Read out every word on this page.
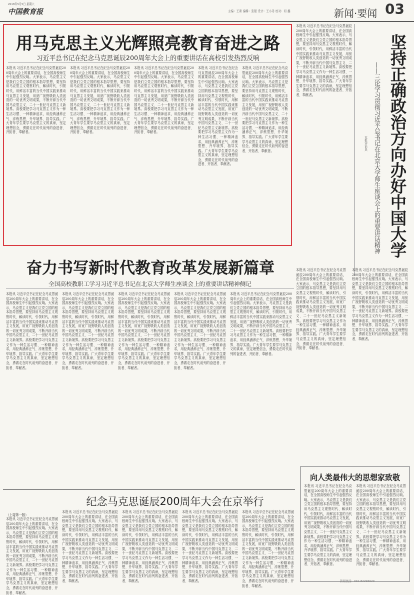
中国教育报
2018年5月5日 星期六
主编：王新 编辑：张强 设计：王小丹 校对：何 鑫	新闻·要闻 03
用马克思主义光辉照亮教育奋进之路
习近平总书记在纪念马克思诞辰200周年大会上的重要讲话在高校引发热烈反响
本报讯 习近平总书记在纪念马克思诞辰200周年大会上的重要讲话，在全国高校师生中引起强烈反响。大家表示，马克思主义是我们立党立国的根本指导思想，要坚持用马克思主义观察时代、解读时代、引领时代，用鲜活丰富的当代中国实践来推动马克思主义发展，用宽广视野吸收人类创造的一切优秀文明成果，不断开辟当代中国马克思主义、二十一世纪马克思主义新境界。高校要把学习马克思主义作为一种生活习惯、一种精神追求，用经典涵养正气、淬炼思想、升华境界、指导实践。广大青年学生要学马克思主义的真谛，坚定理想信念，勇做走在时代前列的奋进者、开拓者、奉献者。
本报讯 习近平总书记在纪念马克思诞辰200周年大会上的重要讲话，在全国高校师生中引起强烈反响。大家表示，马克思主义是我们立党立国的根本指导思想，要坚持用马克思主义观察时代、解读时代、引领时代，用鲜活丰富的当代中国实践来推动马克思主义发展，用宽广视野吸收人类创造的一切优秀文明成果，不断开辟当代中国马克思主义、二十一世纪马克思主义新境界。高校要把学习马克思主义作为一种生活习惯、一种精神追求，用经典涵养正气、淬炼思想、升华境界、指导实践。广大青年学生要学马克思主义的真谛，坚定理想信念，勇做走在时代前列的奋进者、开拓者、奉献者。
本报讯 习近平总书记在纪念马克思诞辰200周年大会上的重要讲话，在全国高校师生中引起强烈反响。大家表示，马克思主义是我们立党立国的根本指导思想，要坚持用马克思主义观察时代、解读时代、引领时代，用鲜活丰富的当代中国实践来推动马克思主义发展，用宽广视野吸收人类创造的一切优秀文明成果，不断开辟当代中国马克思主义、二十一世纪马克思主义新境界。高校要把学习马克思主义作为一种生活习惯、一种精神追求，用经典涵养正气、淬炼思想、升华境界、指导实践。广大青年学生要学马克思主义的真谛，坚定理想信念，勇做走在时代前列的奋进者、开拓者、奉献者。
本报讯 习近平总书记在纪念马克思诞辰200周年大会上的重要讲话，在全国高校师生中引起强烈反响。大家表示，马克思主义是我们立党立国的根本指导思想，要坚持用马克思主义观察时代、解读时代、引领时代，用鲜活丰富的当代中国实践来推动马克思主义发展，用宽广视野吸收人类创造的一切优秀文明成果，不断开辟当代中国马克思主义、二十一世纪马克思主义新境界。高校要把学习马克思主义作为一种生活习惯、一种精神追求，用经典涵养正气、淬炼思想、升华境界、指导实践。广大青年学生要学马克思主义的真谛，坚定理想信念，勇做走在时代前列的奋进者、开拓者、奉献者。
本报讯 习近平总书记在纪念马克思诞辰200周年大会上的重要讲话，在全国高校师生中引起强烈反响。大家表示，马克思主义是我们立党立国的根本指导思想，要坚持用马克思主义观察时代、解读时代、引领时代，用鲜活丰富的当代中国实践来推动马克思主义发展，用宽广视野吸收人类创造的一切优秀文明成果，不断开辟当代中国马克思主义、二十一世纪马克思主义新境界。高校要把学习马克思主义作为一种生活习惯、一种精神追求，用经典涵养正气、淬炼思想、升华境界、指导实践。广大青年学生要学马克思主义的真谛，坚定理想信念，勇做走在时代前列的奋进者、开拓者、奉献者。
本报讯 习近平总书记在纪念马克思诞辰200周年大会上的重要讲话，在全国高校师生中引起强烈反响。大家表示，马克思主义是我们立党立国的根本指导思想，要坚持用马克思主义观察时代、解读时代、引领时代，用鲜活丰富的当代中国实践来推动马克思主义发展，用宽广视野吸收人类创造的一切优秀文明成果，不断开辟当代中国马克思主义、二十一世纪马克思主义新境界。高校要把学习马克思主义作为一种生活习惯、一种精神追求，用经典涵养正气、淬炼思想、升华境界、指导实践。广大青年学生要学马克思主义的真谛，坚定理想信念，勇做走在时代前列的奋进者、开拓者、奉献者。	坚持正确政治方向办好中国大学
——三论学习贯彻习近平总书记在北京大学师生座谈会上的重要讲话精神
本报评论员
奋力书写新时代教育改革发展新篇章
全国高校教职工学习习近平总书记在北京大学师生座谈会上的重要讲话精神侧记
本报讯 习近平总书记在纪念马克思诞辰200周年大会上的重要讲话，在全国高校师生中引起强烈反响。大家表示，马克思主义是我们立党立国的根本指导思想，要坚持用马克思主义观察时代、解读时代、引领时代，用鲜活丰富的当代中国实践来推动马克思主义发展，用宽广视野吸收人类创造的一切优秀文明成果，不断开辟当代中国马克思主义、二十一世纪马克思主义新境界。高校要把学习马克思主义作为一种生活习惯、一种精神追求，用经典涵养正气、淬炼思想、升华境界、指导实践。广大青年学生要学马克思主义的真谛，坚定理想信念，勇做走在时代前列的奋进者、开拓者、奉献者。
本报讯 习近平总书记在纪念马克思诞辰200周年大会上的重要讲话，在全国高校师生中引起强烈反响。大家表示，马克思主义是我们立党立国的根本指导思想，要坚持用马克思主义观察时代、解读时代、引领时代，用鲜活丰富的当代中国实践来推动马克思主义发展，用宽广视野吸收人类创造的一切优秀文明成果，不断开辟当代中国马克思主义、二十一世纪马克思主义新境界。高校要把学习马克思主义作为一种生活习惯、一种精神追求，用经典涵养正气、淬炼思想、升华境界、指导实践。广大青年学生要学马克思主义的真谛，坚定理想信念，勇做走在时代前列的奋进者、开拓者、奉献者。
本报讯 习近平总书记在纪念马克思诞辰200周年大会上的重要讲话，在全国高校师生中引起强烈反响。大家表示，马克思主义是我们立党立国的根本指导思想，要坚持用马克思主义观察时代、解读时代、引领时代，用鲜活丰富的当代中国实践来推动马克思主义发展，用宽广视野吸收人类创造的一切优秀文明成果，不断开辟当代中国马克思主义、二十一世纪马克思主义新境界。高校要把学习马克思主义作为一种生活习惯、一种精神追求，用经典涵养正气、淬炼思想、升华境界、指导实践。广大青年学生要学马克思主义的真谛，坚定理想信念，勇做走在时代前列的奋进者、开拓者、奉献者。
本报讯 习近平总书记在纪念马克思诞辰200周年大会上的重要讲话，在全国高校师生中引起强烈反响。大家表示，马克思主义是我们立党立国的根本指导思想，要坚持用马克思主义观察时代、解读时代、引领时代，用鲜活丰富的当代中国实践来推动马克思主义发展，用宽广视野吸收人类创造的一切优秀文明成果，不断开辟当代中国马克思主义、二十一世纪马克思主义新境界。高校要把学习马克思主义作为一种生活习惯、一种精神追求，用经典涵养正气、淬炼思想、升华境界、指导实践。广大青年学生要学马克思主义的真谛，坚定理想信念，勇做走在时代前列的奋进者、开拓者、奉献者。
本报讯 习近平总书记在纪念马克思诞辰200周年大会上的重要讲话，在全国高校师生中引起强烈反响。大家表示，马克思主义是我们立党立国的根本指导思想，要坚持用马克思主义观察时代、解读时代、引领时代，用鲜活丰富的当代中国实践来推动马克思主义发展，用宽广视野吸收人类创造的一切优秀文明成果，不断开辟当代中国马克思主义、二十一世纪马克思主义新境界。高校要把学习马克思主义作为一种生活习惯、一种精神追求，用经典涵养正气、淬炼思想、升华境界、指导实践。广大青年学生要学马克思主义的真谛，坚定理想信念，勇做走在时代前列的奋进者、开拓者、奉献者。
本报讯 习近平总书记在纪念马克思诞辰200周年大会上的重要讲话，在全国高校师生中引起强烈反响。大家表示，马克思主义是我们立党立国的根本指导思想，要坚持用马克思主义观察时代、解读时代、引领时代，用鲜活丰富的当代中国实践来推动马克思主义发展，用宽广视野吸收人类创造的一切优秀文明成果，不断开辟当代中国马克思主义、二十一世纪马克思主义新境界。高校要把学习马克思主义作为一种生活习惯、一种精神追求，用经典涵养正气、淬炼思想、升华境界、指导实践。广大青年学生要学马克思主义的真谛，坚定理想信念，勇做走在时代前列的奋进者、开拓者、奉献者。
本报讯 习近平总书记在纪念马克思诞辰200周年大会上的重要讲话，在全国高校师生中引起强烈反响。大家表示，马克思主义是我们立党立国的根本指导思想，要坚持用马克思主义观察时代、解读时代、引领时代，用鲜活丰富的当代中国实践来推动马克思主义发展，用宽广视野吸收人类创造的一切优秀文明成果，不断开辟当代中国马克思主义、二十一世纪马克思主义新境界。高校要把学习马克思主义作为一种生活习惯、一种精神追求，用经典涵养正气、淬炼思想、升华境界、指导实践。广大青年学生要学马克思主义的真谛，坚定理想信念，勇做走在时代前列的奋进者、开拓者、奉献者。
向人类最伟大的思想家致敬
本报讯 习近平总书记在纪念马克思诞辰200周年大会上的重要讲话，在全国高校师生中引起强烈反响。大家表示，马克思主义是我们立党立国的根本指导思想，要坚持用马克思主义观察时代、解读时代、引领时代，用鲜活丰富的当代中国实践来推动马克思主义发展，用宽广视野吸收人类创造的一切优秀文明成果，不断开辟当代中国马克思主义、二十一世纪马克思主义新境界。高校要把学习马克思主义作为一种生活习惯、一种精神追求，用经典涵养正气、淬炼思想、升华境界、指导实践。广大青年学生要学马克思主义的真谛，坚定理想信念，勇做走在时代前列的奋进者、开拓者、奉献者。
本报讯 习近平总书记在纪念马克思诞辰200周年大会上的重要讲话，在全国高校师生中引起强烈反响。大家表示，马克思主义是我们立党立国的根本指导思想，要坚持用马克思主义观察时代、解读时代、引领时代，用鲜活丰富的当代中国实践来推动马克思主义发展，用宽广视野吸收人类创造的一切优秀文明成果，不断开辟当代中国马克思主义、二十一世纪马克思主义新境界。高校要把学习马克思主义作为一种生活习惯、一种精神追求，用经典涵养正气、淬炼思想、升华境界、指导实践。广大青年学生要学马克思主义的真谛，坚定理想信念，勇做走在时代前列的奋进者、开拓者、奉献者。
纪念马克思诞辰200周年大会在京举行
（上接第一版）
本报讯 习近平总书记在纪念马克思诞辰200周年大会上的重要讲话，在全国高校师生中引起强烈反响。大家表示，马克思主义是我们立党立国的根本指导思想，要坚持用马克思主义观察时代、解读时代、引领时代，用鲜活丰富的当代中国实践来推动马克思主义发展，用宽广视野吸收人类创造的一切优秀文明成果，不断开辟当代中国马克思主义、二十一世纪马克思主义新境界。高校要把学习马克思主义作为一种生活习惯、一种精神追求，用经典涵养正气、淬炼思想、升华境界、指导实践。广大青年学生要学马克思主义的真谛，坚定理想信念，勇做走在时代前列的奋进者、开拓者、奉献者。
本报讯 习近平总书记在纪念马克思诞辰200周年大会上的重要讲话，在全国高校师生中引起强烈反响。大家表示，马克思主义是我们立党立国的根本指导思想，要坚持用马克思主义观察时代、解读时代、引领时代，用鲜活丰富的当代中国实践来推动马克思主义发展，用宽广视野吸收人类创造的一切优秀文明成果，不断开辟当代中国马克思主义、二十一世纪马克思主义新境界。高校要把学习马克思主义作为一种生活习惯、一种精神追求，用经典涵养正气、淬炼思想、升华境界、指导实践。广大青年学生要学马克思主义的真谛，坚定理想信念，勇做走在时代前列的奋进者、开拓者、奉献者。
本报讯 习近平总书记在纪念马克思诞辰200周年大会上的重要讲话，在全国高校师生中引起强烈反响。大家表示，马克思主义是我们立党立国的根本指导思想，要坚持用马克思主义观察时代、解读时代、引领时代，用鲜活丰富的当代中国实践来推动马克思主义发展，用宽广视野吸收人类创造的一切优秀文明成果，不断开辟当代中国马克思主义、二十一世纪马克思主义新境界。高校要把学习马克思主义作为一种生活习惯、一种精神追求，用经典涵养正气、淬炼思想、升华境界、指导实践。广大青年学生要学马克思主义的真谛，坚定理想信念，勇做走在时代前列的奋进者、开拓者、奉献者。
本报讯 习近平总书记在纪念马克思诞辰200周年大会上的重要讲话，在全国高校师生中引起强烈反响。大家表示，马克思主义是我们立党立国的根本指导思想，要坚持用马克思主义观察时代、解读时代、引领时代，用鲜活丰富的当代中国实践来推动马克思主义发展，用宽广视野吸收人类创造的一切优秀文明成果，不断开辟当代中国马克思主义、二十一世纪马克思主义新境界。高校要把学习马克思主义作为一种生活习惯、一种精神追求，用经典涵养正气、淬炼思想、升华境界、指导实践。广大青年学生要学马克思主义的真谛，坚定理想信念，勇做走在时代前列的奋进者、开拓者、奉献者。
本报讯 习近平总书记在纪念马克思诞辰200周年大会上的重要讲话，在全国高校师生中引起强烈反响。大家表示，马克思主义是我们立党立国的根本指导思想，要坚持用马克思主义观察时代、解读时代、引领时代，用鲜活丰富的当代中国实践来推动马克思主义发展，用宽广视野吸收人类创造的一切优秀文明成果，不断开辟当代中国马克思主义、二十一世纪马克思主义新境界。高校要把学习马克思主义作为一种生活习惯、一种精神追求，用经典涵养正气、淬炼思想、升华境界、指导实践。广大青年学生要学马克思主义的真谛，坚定理想信念，勇做走在时代前列的奋进者、开拓者、奉献者。
新闻热线：010-82296620
